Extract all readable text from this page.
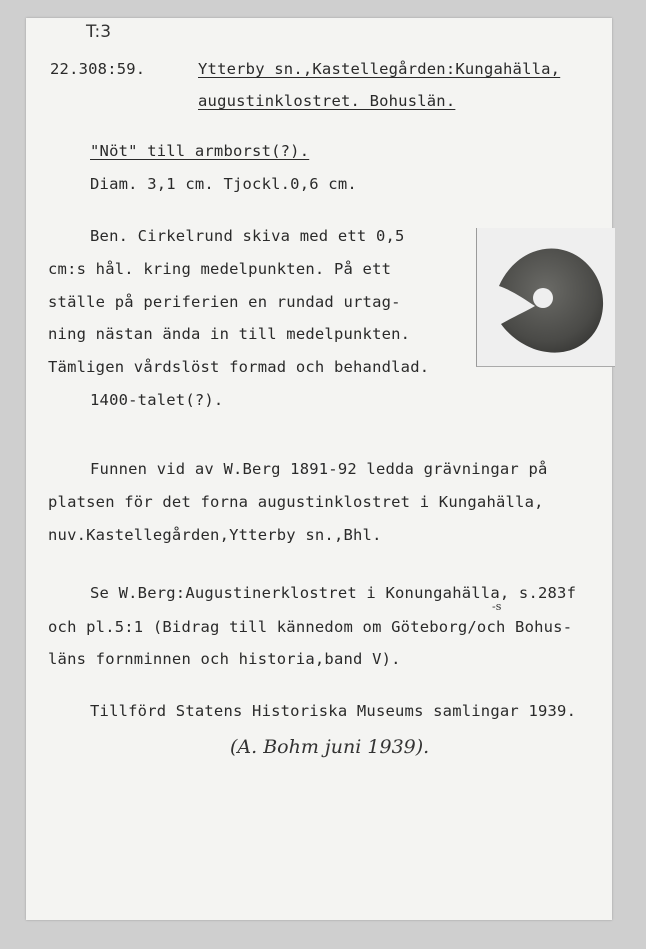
T:3
22.308:59.	Ytterby sn.,Kastellegården:Kungahälla,
augustinklostret. Bohuslän.
"Nöt" till armborst(?).
Diam. 3,1 cm. Tjockl.0,6 cm.
Ben. Cirkelrund skiva med ett 0,5
cm:s hål. kring medelpunkten. På ett
ställe på periferien en rundad urtag-
ning nästan ända in till medelpunkten.
Tämligen vårdslöst formad och behandlad.
1400-talet(?).
Funnen vid av W.Berg 1891-92 ledda grävningar på
platsen för det forna augustinklostret i Kungahälla,
nuv.Kastellegården,Ytterby sn.,Bhl.
Se W.Berg:Augustinerklostret i Konungahälla, s.283f
-s
och pl.5:1 (Bidrag till kännedom om Göteborg/och Bohus-
läns fornminnen och historia,band V).
Tillförd Statens Historiska Museums samlingar 1939.
(A. Bohm juni 1939).
